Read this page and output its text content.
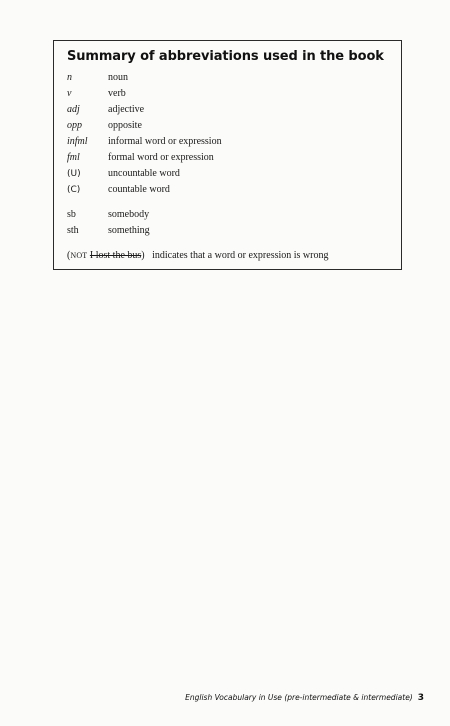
Summary of abbreviations used in the book
n	noun
v	verb
adj	adjective
opp	opposite
infml informal word or expression
fml	formal word or expression
(U)	uncountable word
(C)	countable word
sb	somebody
sth	something
(NOT I lost the bus) indicates that a word or expression is wrong
English Vocabulary in Use (pre-intermediate & intermediate) 3
